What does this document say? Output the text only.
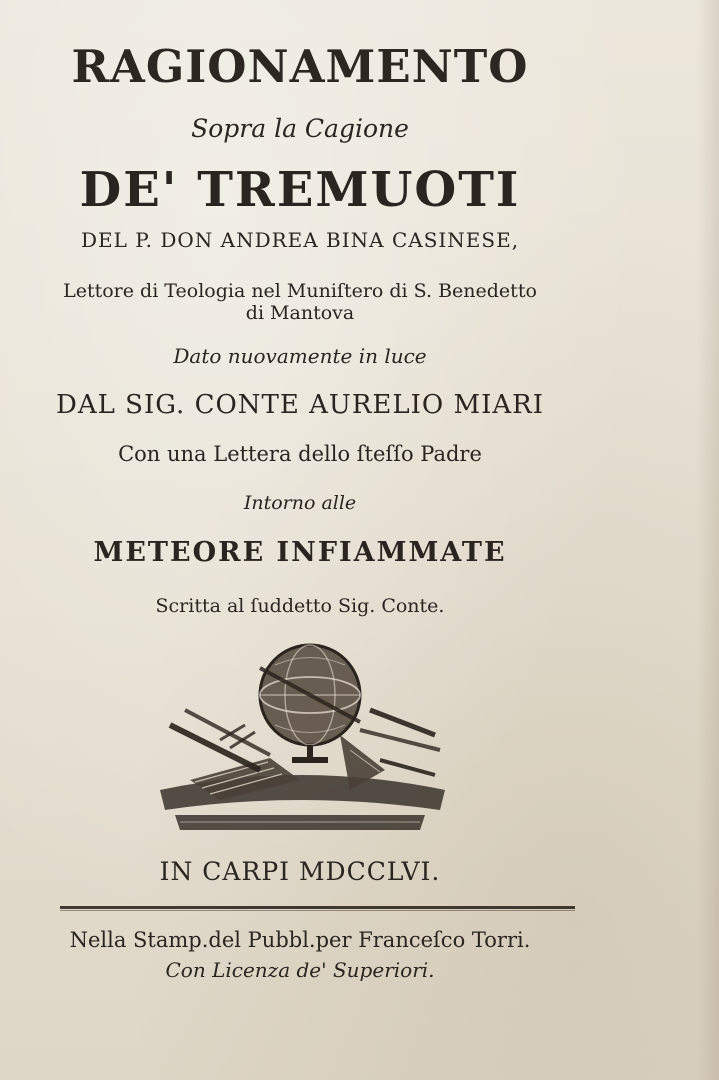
RAGIONAMENTO
Sopra la Cagione
DE' TREMUOTI
DEL P. DON ANDREA BINA CASINESE,
Lettore di Teologia nel Muniſtero di S. Benedetto
di Mantova
Dato nuovamente in luce
DAL SIG. CONTE AURELIO MIARI
Con una Lettera dello ſteſſo Padre
Intorno alle
METEORE INFIAMMATE
Scritta al ſuddetto Sig. Conte.
IN CARPI MDCCLVI.
Nella Stamp.del Pubbl.per Franceſco Torri.
Con Licenza de' Superiori.
